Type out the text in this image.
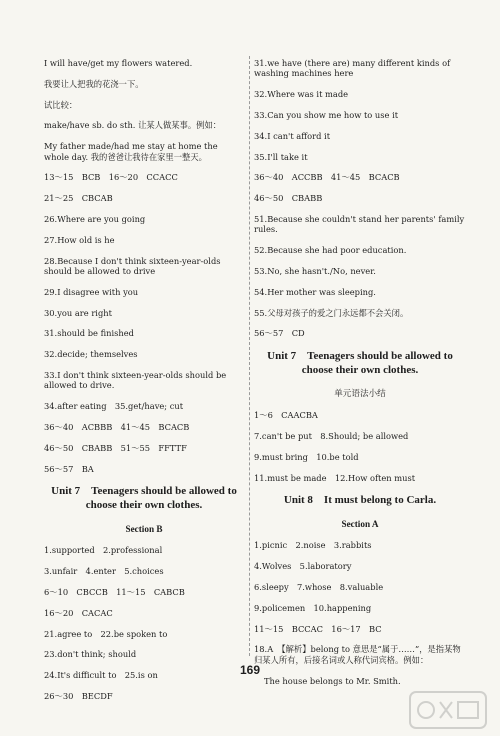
I will have/get my flowers watered.

我要让人把我的花浇一下。

试比较：

make/have sb. do sth. 让某人做某事。例如：

My father made/had me stay at home the whole day. 我的爸爸让我待在家里一整天。

13～15　BCB　16～20　CCACC

21～25　CBCAB

26.Where are you going

27.How old is he

28.Because I don't think sixteen-year-olds should be allowed to drive

29.I disagree with you

30.you are right

31.should be finished

32.decide; themselves

33.I don't think sixteen-year-olds should be allowed to drive.

34.after eating　35.get/have; cut

36～40　ACBBB　41～45　BCACB

46～50　CBABB　51～55　FFTTF

56～57　BA

Unit 7　Teenagers should be allowed to choose their own clothes.
Section B

1.supported　2.professional

3.unfair　4.enter　5.choices

6～10　CBCCB　11～15　CABCB

16～20　CACAC

21.agree to　22.be spoken to

23.don't think; should

24.It's difficult to　25.is on

26～30　BECDF

31.we have (there are) many different kinds of washing machines here

32.Where was it made

33.Can you show me how to use it

34.I can't afford it

35.I'll take it

36～40　ACCBB　41～45　BCACB

46～50　CBABB

51.Because she couldn't stand her parents' family rules.

52.Because she had poor education.

53.No, she hasn't./No, never.

54.Her mother was sleeping.

55.父母对孩子的爱之门永远都不会关闭。

56～57　CD

Unit 7　Teenagers should be allowed to choose their own clothes.
单元语法小结

1～6　CAACBA

7.can't be put　8.Should; be allowed

9.must bring　10.be told

11.must be made　12.How often must

Unit 8　It must belong to Carla.
Section A

1.picnic　2.noise　3.rabbits

4.Wolves　5.laboratory

6.sleepy　7.whose　8.valuable

9.policemen　10.happening

11～15　BCCAC　16～17　BC

18.A　【解析】belong to 意思是“属于……”，是指某物归某人所有，后接名词或人称代词宾格。例如：

The house belongs to Mr. Smith.

169
